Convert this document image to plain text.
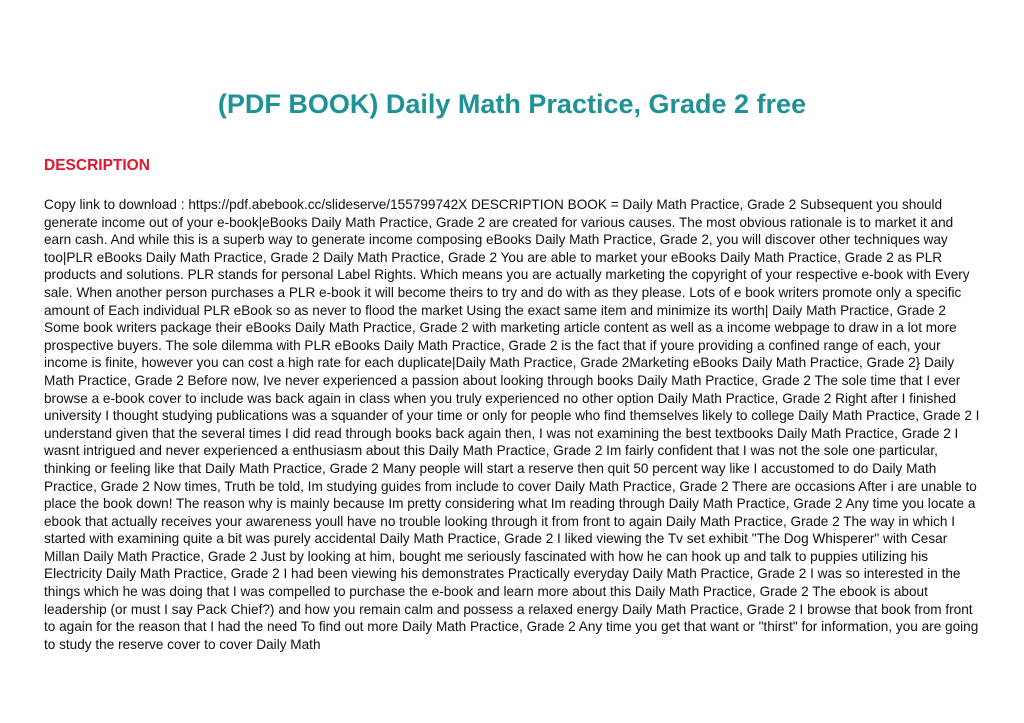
(PDF BOOK) Daily Math Practice, Grade 2 free
DESCRIPTION

Copy link to download : https://pdf.abebook.cc/slideserve/155799742X DESCRIPTION BOOK = Daily Math Practice, Grade 2 Subsequent you should generate income out of your e-book|eBooks Daily Math Practice, Grade 2 are created for various causes. The most obvious rationale is to market it and earn cash. And while this is a superb way to generate income composing eBooks Daily Math Practice, Grade 2, you will discover other techniques way too|PLR eBooks Daily Math Practice, Grade 2 Daily Math Practice, Grade 2 You are able to market your eBooks Daily Math Practice, Grade 2 as PLR products and solutions. PLR stands for personal Label Rights. Which means you are actually marketing the copyright of your respective e-book with Every sale. When another person purchases a PLR e-book it will become theirs to try and do with as they please. Lots of e book writers promote only a specific amount of Each individual PLR eBook so as never to flood the market Using the exact same item and minimize its worth| Daily Math Practice, Grade 2 Some book writers package their eBooks Daily Math Practice, Grade 2 with marketing article content as well as a income webpage to draw in a lot more prospective buyers. The sole dilemma with PLR eBooks Daily Math Practice, Grade 2 is the fact that if youre providing a confined range of each, your income is finite, however you can cost a high rate for each duplicate|Daily Math Practice, Grade 2Marketing eBooks Daily Math Practice, Grade 2} Daily Math Practice, Grade 2 Before now, Ive never experienced a passion about looking through books Daily Math Practice, Grade 2 The sole time that I ever browse a e-book cover to include was back again in class when you truly experienced no other option Daily Math Practice, Grade 2 Right after I finished university I thought studying publications was a squander of your time or only for people who find themselves likely to college Daily Math Practice, Grade 2 I understand given that the several times I did read through books back again then, I was not examining the best textbooks Daily Math Practice, Grade 2 I wasnt intrigued and never experienced a enthusiasm about this Daily Math Practice, Grade 2 Im fairly confident that I was not the sole one particular, thinking or feeling like that Daily Math Practice, Grade 2 Many people will start a reserve then quit 50 percent way like I accustomed to do Daily Math Practice, Grade 2 Now times, Truth be told, Im studying guides from include to cover Daily Math Practice, Grade 2 There are occasions After i are unable to place the book down! The reason why is mainly because Im pretty considering what Im reading through Daily Math Practice, Grade 2 Any time you locate a ebook that actually receives your awareness youll have no trouble looking through it from front to again Daily Math Practice, Grade 2 The way in which I started with examining quite a bit was purely accidental Daily Math Practice, Grade 2 I liked viewing the Tv set exhibit "The Dog Whisperer" with Cesar Millan Daily Math Practice, Grade 2 Just by looking at him, bought me seriously fascinated with how he can hook up and talk to puppies utilizing his Electricity Daily Math Practice, Grade 2 I had been viewing his demonstrates Practically everyday Daily Math Practice, Grade 2 I was so interested in the things which he was doing that I was compelled to purchase the e-book and learn more about this Daily Math Practice, Grade 2 The ebook is about leadership (or must I say Pack Chief?) and how you remain calm and possess a relaxed energy Daily Math Practice, Grade 2 I browse that book from front to again for the reason that I had the need To find out more Daily Math Practice, Grade 2 Any time you get that want or "thirst" for information, you are going to study the reserve cover to cover Daily Math
